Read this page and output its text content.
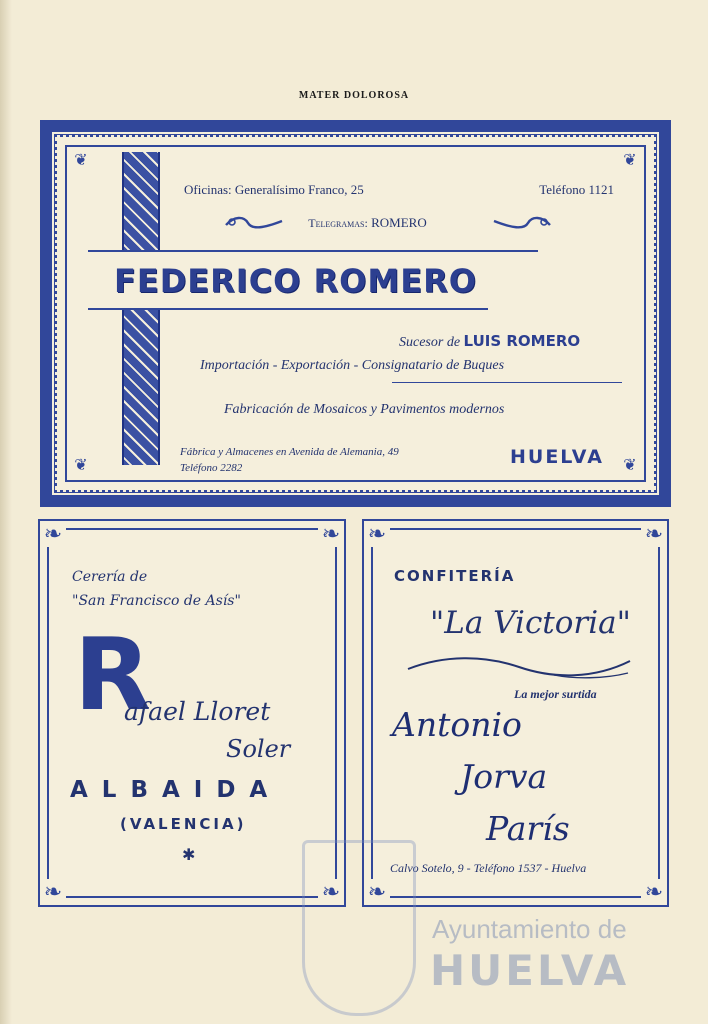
MATER DOLOROSA
❦	❦
❦	❦
Oficinas: Generalísimo Franco, 25	Teléfono 1121
Telegramas: ROMERO
FEDERICO ROMERO
Sucesor de LUIS ROMERO
Importación - Exportación - Consignatario de Buques
Fabricación de Mosaicos y Pavimentos modernos
Fábrica y Almacenes en Avenida de Alemania, 49
Teléfono 2282	HUELVA
❧	❧
❧	❧
Cerería de
"San Francisco de Asís"
R
afael Lloret
Soler
ALBAIDA
(VALENCIA)
✱
❧	❧
❧	❧
CONFITERÍA
"La Victoria"
La mejor surtida
Antonio
Jorva
París
Calvo Sotelo, 9 - Teléfono 1537 - Huelva
Ayuntamiento de
HUELVA
